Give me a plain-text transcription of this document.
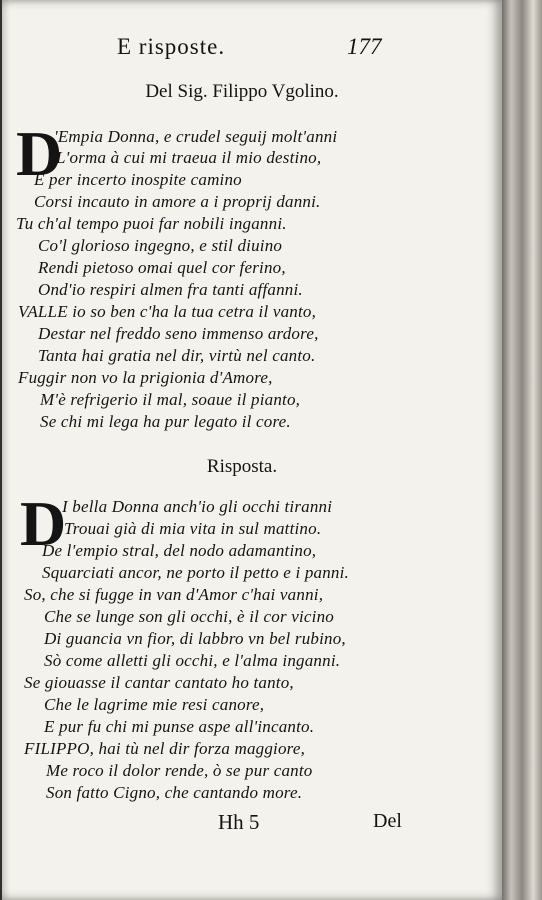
E risposte.	177
Del Sig. Filippo Vgolino.
D
'Empia Donna, e crudel seguij molt'anni
L'orma à cui mi traeua il mio destino,
E per incerto inospite camino
Corsi incauto in amore a i proprij danni.
Tu ch'al tempo puoi far nobili inganni.
Co'l glorioso ingegno, e stil diuino
Rendi pietoso omai quel cor ferino,
Ond'io respiri almen fra tanti affanni.
VALLE io so ben c'ha la tua cetra il vanto,
Destar nel freddo seno immenso ardore,
Tanta hai gratia nel dir, virtù nel canto.
Fuggir non vo la prigionia d'Amore,
M'è refrigerio il mal, soaue il pianto,
Se chi mi lega ha pur legato il core.
Risposta.
D
I bella Donna anch'io gli occhi tiranni
Trouai già di mia vita in sul mattino.
De l'empio stral, del nodo adamantino,
Squarciati ancor, ne porto il petto e i panni.
So, che si fugge in van d'Amor c'hai vanni,
Che se lunge son gli occhi, è il cor vicino
Di guancia vn fior, di labbro vn bel rubino,
Sò come alletti gli occhi, e l'alma inganni.
Se giouasse il cantar cantato ho tanto,
Che le lagrime mie resi canore,
E pur fu chi mi punse aspe all'incanto.
FILIPPO, hai tù nel dir forza maggiore,
Me roco il dolor rende, ò se pur canto
Son fatto Cigno, che cantando more.
Hh 5	Del
